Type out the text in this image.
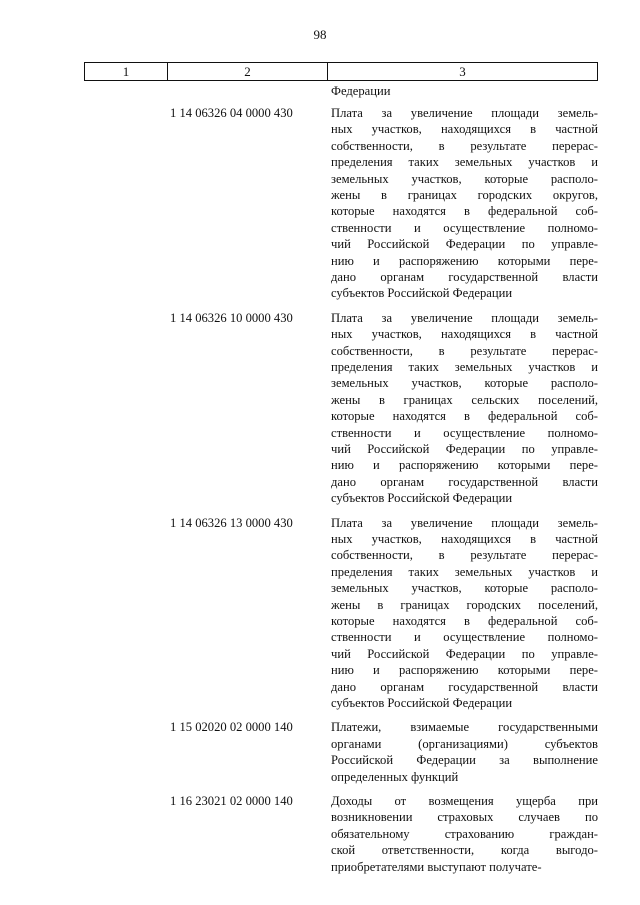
98
1	2	3
Федерации
1 14 06326 04 0000 430	Плата за увеличение площади земель-
ных участков, находящихся в частной
собственности, в результате перерас-
пределения таких земельных участков и
земельных участков, которые располо-
жены в границах городских округов,
которые находятся в федеральной соб-
ственности и осуществление полномо-
чий Российской Федерации по управле-
нию и распоряжению которыми пере-
дано органам государственной власти
субъектов Российской Федерации
1 14 06326 10 0000 430	Плата за увеличение площади земель-
ных участков, находящихся в частной
собственности, в результате перерас-
пределения таких земельных участков и
земельных участков, которые располо-
жены в границах сельских поселений,
которые находятся в федеральной соб-
ственности и осуществление полномо-
чий Российской Федерации по управле-
нию и распоряжению которыми пере-
дано органам государственной власти
субъектов Российской Федерации
1 14 06326 13 0000 430	Плата за увеличение площади земель-
ных участков, находящихся в частной
собственности, в результате перерас-
пределения таких земельных участков и
земельных участков, которые располо-
жены в границах городских поселений,
которые находятся в федеральной соб-
ственности и осуществление полномо-
чий Российской Федерации по управле-
нию и распоряжению которыми пере-
дано органам государственной власти
субъектов Российской Федерации
1 15 02020 02 0000 140	Платежи, взимаемые государственными
органами (организациями) субъектов
Российской Федерации за выполнение
определенных функций
1 16 23021 02 0000 140	Доходы от возмещения ущерба при
возникновении страховых случаев по
обязательному страхованию граждан-
ской ответственности, когда выгодо-
приобретателями выступают получате-
